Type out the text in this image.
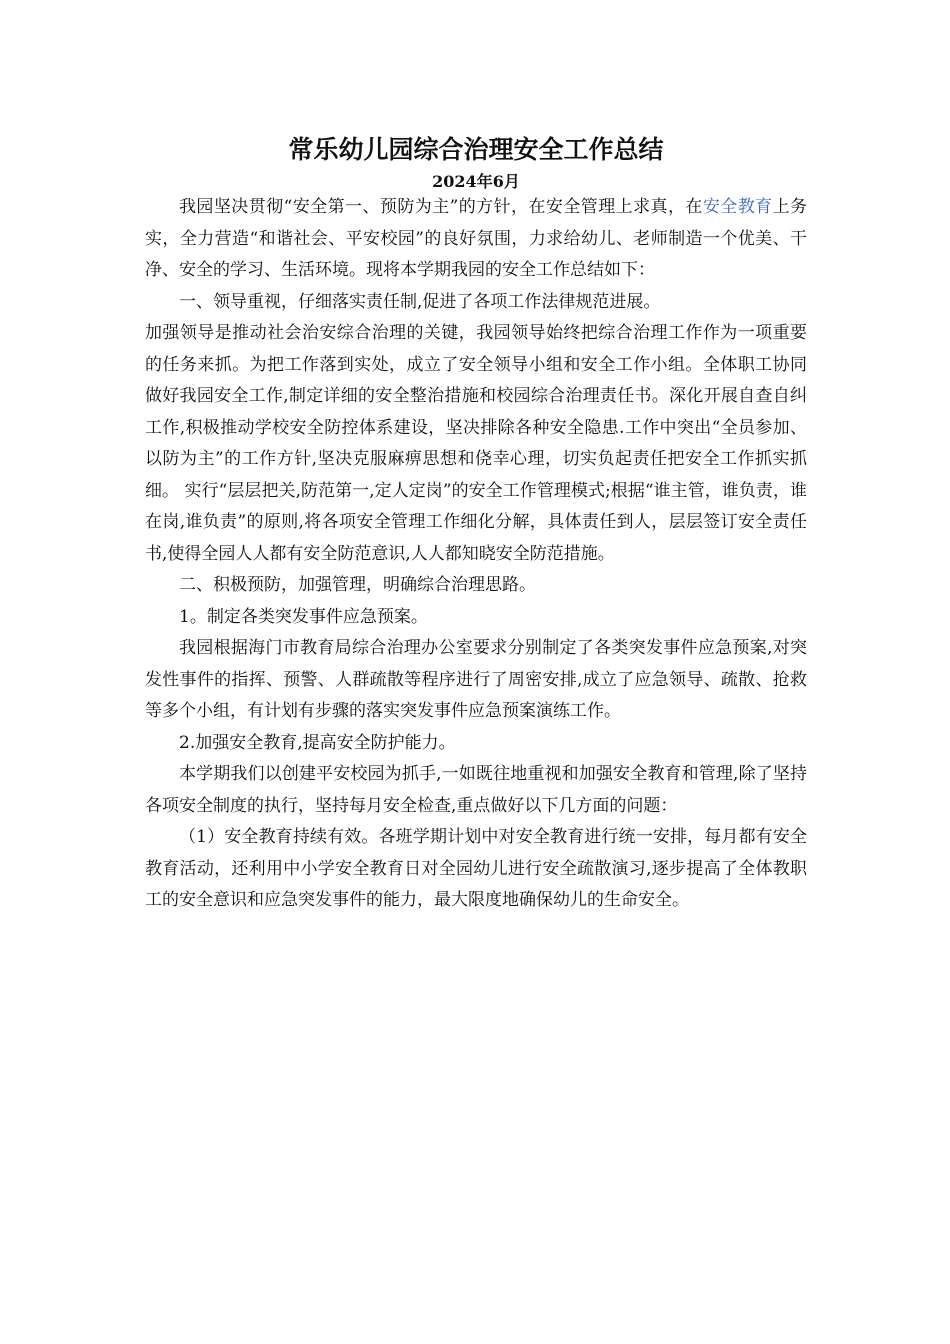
常乐幼儿园综合治理安全工作总结

2024年6月

我园坚决贯彻“安全第一、预防为主”的方针，在安全管理上求真，在安全教育上务实，全力营造“和谐社会、平安校园”的良好氛围，力求给幼儿、老师制造一个优美、干净、安全的学习、生活环境。现将本学期我园的安全工作总结如下：

一、领导重视，仔细落实责任制,促进了各项工作法律规范进展。

加强领导是推动社会治安综合治理的关键，我园领导始终把综合治理工作作为一项重要的任务来抓。为把工作落到实处，成立了安全领导小组和安全工作小组。全体职工协同做好我园安全工作,制定详细的安全整治措施和校园综合治理责任书。深化开展自查自纠工作,积极推动学校安全防控体系建设，坚决排除各种安全隐患.工作中突出“全员参加、以防为主”的工作方针,坚决克服麻痹思想和侥幸心理，切实负起责任把安全工作抓实抓细。 实行“层层把关,防范第一,定人定岗”的安全工作管理模式;根据“谁主管，谁负责，谁在岗,谁负责”的原则,将各项安全管理工作细化分解，具体责任到人，层层签订安全责任书,使得全园人人都有安全防范意识,人人都知晓安全防范措施。

二、积极预防，加强管理，明确综合治理思路。

1。制定各类突发事件应急预案。

我园根据海门市教育局综合治理办公室要求分别制定了各类突发事件应急预案,对突发性事件的指挥、预警、人群疏散等程序进行了周密安排,成立了应急领导、疏散、抢救等多个小组，有计划有步骤的落实突发事件应急预案演练工作。

2.加强安全教育,提高安全防护能力。

本学期我们以创建平安校园为抓手,一如既往地重视和加强安全教育和管理,除了坚持各项安全制度的执行，坚持每月安全检查,重点做好以下几方面的问题：

（1）安全教育持续有效。各班学期计划中对安全教育进行统一安排，每月都有安全教育活动，还利用中小学安全教育日对全园幼儿进行安全疏散演习,逐步提高了全体教职工的安全意识和应急突发事件的能力，最大限度地确保幼儿的生命安全。
